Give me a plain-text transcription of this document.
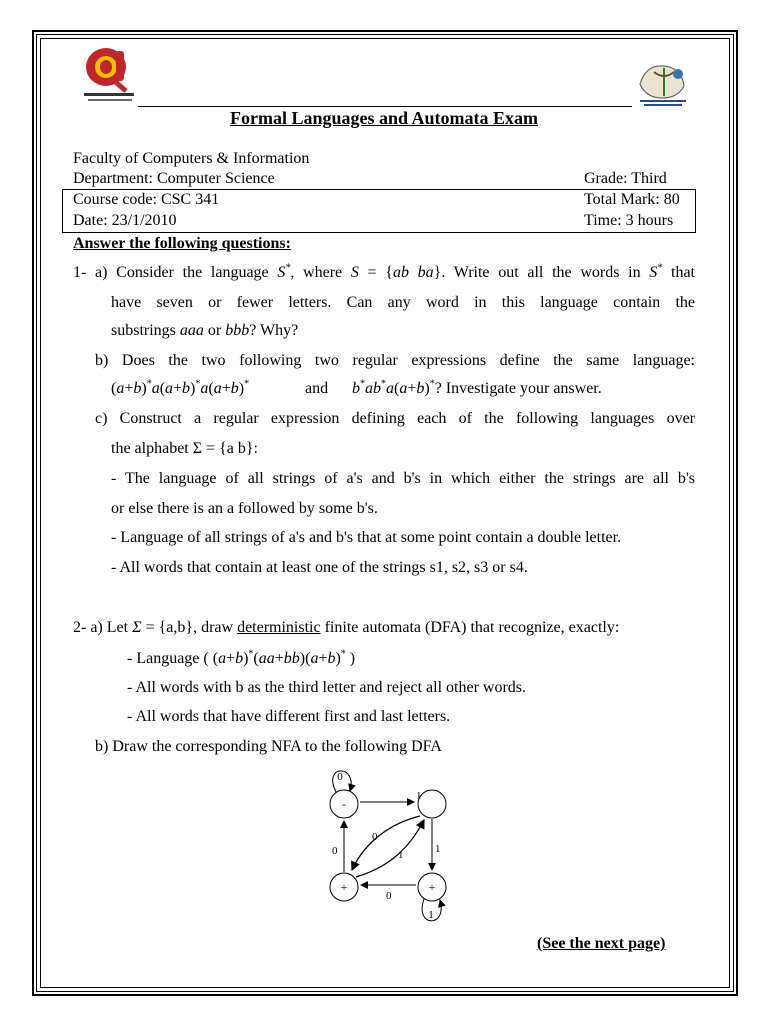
Formal Languages and Automata Exam
Faculty of Computers & Information
Department: Computer Science	Grade: Third
Course code: CSC 341	Total Mark: 80
Date: 23/1/2010	Time: 3 hours
Answer the following questions:
1- a) Consider the language S*, where S = {ab ba}. Write out all the words in S* that
have seven or fewer letters. Can any word in this language contain the
substrings aaa or bbb? Why?
b) Does the two following two regular expressions define the same language:
(a+b)*a(a+b)*a(a+b)*	and b*ab*a(a+b)*? Investigate your answer.
c) Construct a regular expression defining each of the following languages over
the alphabet Σ = {a b}:
- The language of all strings of a's and b's in which either the strings are all b's
or else there is an a followed by some b's.
- Language of all strings of a's and b's that at some point contain a double letter.
- All words that contain at least one of the strings s1, s2, s3 or s4.
2- a) Let Σ = {a,b}, draw deterministic finite automata (DFA) that recognize, exactly:
- Language ( (a+b)*(aa+bb)(a+b)* )
- All words with b as the third letter and reject all other words.
- All words that have different first and last letters.
b) Draw the corresponding NFA to the following DFA
-
+	+
0
1
0
1
0	1
0
1
(See the next page)
